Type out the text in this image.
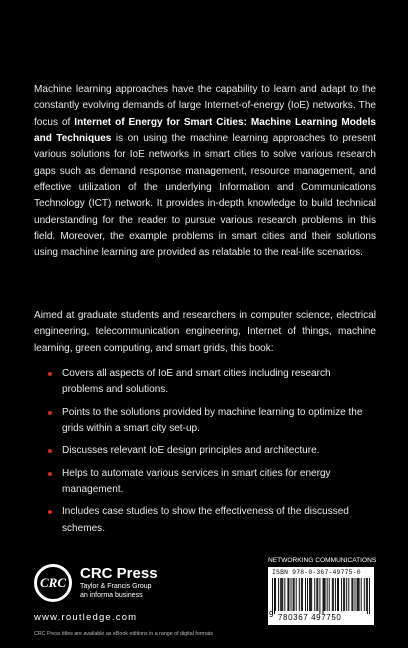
Machine learning approaches have the capability to learn and adapt to the constantly evolving demands of large Internet-of-energy (IoE) networks. The focus of Internet of Energy for Smart Cities: Machine Learning Models and Techniques is on using the machine learning approaches to present various solutions for IoE networks in smart cities to solve various research gaps such as demand response management, resource management, and effective utilization of the underlying Information and Communications Technology (ICT) network. It provides in-depth knowledge to build technical understanding for the reader to pursue various research problems in this field. Moreover, the example problems in smart cities and their solutions using machine learning are provided as relatable to the real-life scenarios.

Aimed at graduate students and researchers in computer science, electrical engineering, telecommunication engineering, Internet of things, machine learning, green computing, and smart grids, this book:

Covers all aspects of IoE and smart cities including research problems and solutions.
Points to the solutions provided by machine learning to optimize the grids within a smart city set-up.
Discusses relevant IoE design principles and architecture.
Helps to automate various services in smart cities for energy management.
Includes case studies to show the effectiveness of the discussed schemes.
CRC
CRC Press
Taylor & Francis Group
an informa business
www.routledge.com
CRC Press titles are available as eBook editions in a range of digital formats
NETWORKING COMMUNICATIONS
ISBN 978-0-367-49775-0
9 780367 497750
